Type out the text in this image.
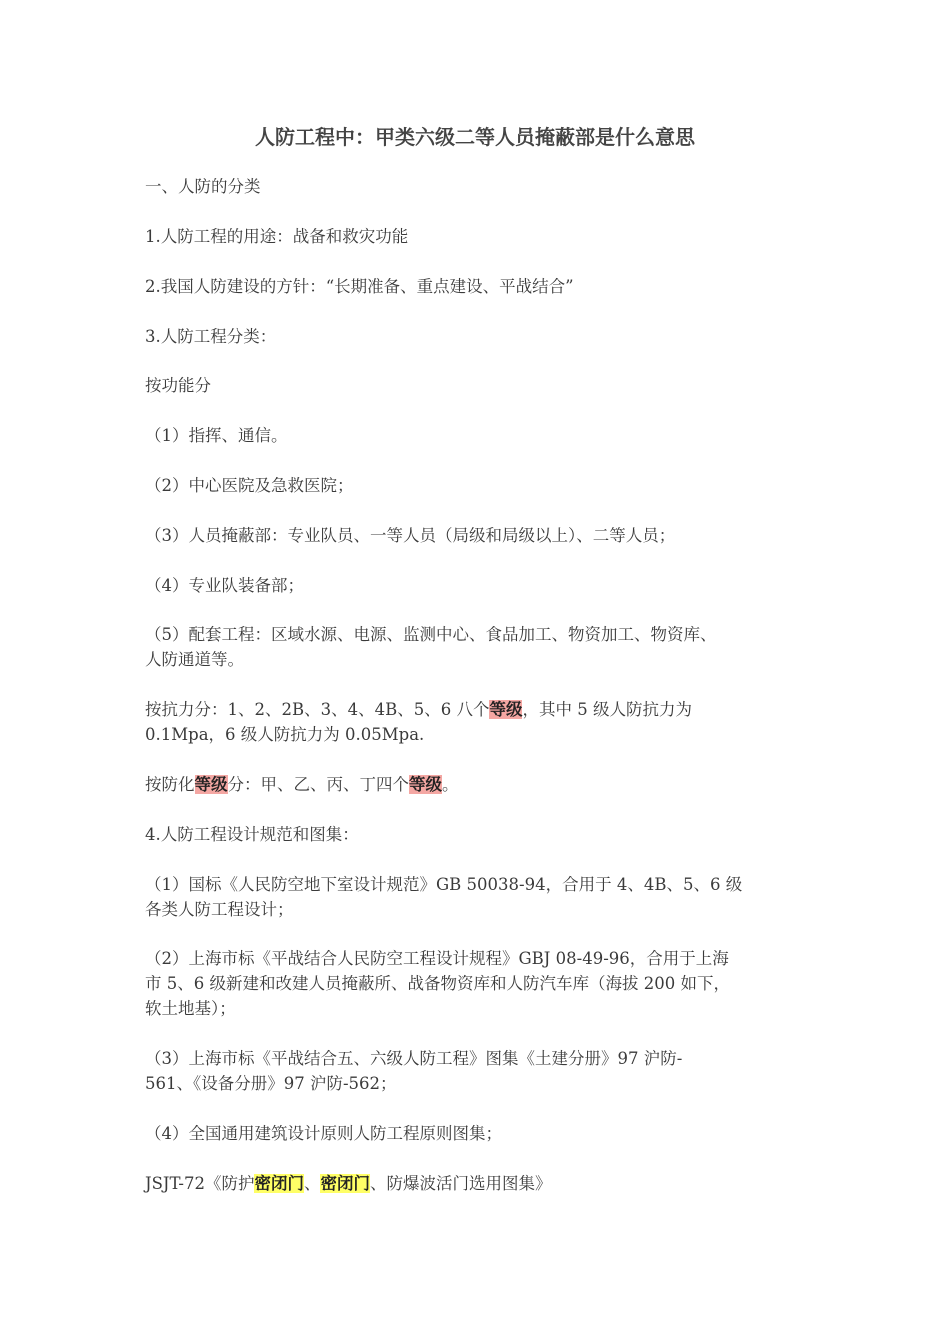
人防工程中：甲类六级二等人员掩蔽部是什么意思
一、人防的分类
1.人防工程的用途：战备和救灾功能
2.我国人防建设的方针：“长期准备、重点建设、平战结合”
3.人防工程分类：
按功能分
（1）指挥、通信。
（2）中心医院及急救医院；
（3）人员掩蔽部：专业队员、一等人员（局级和局级以上）、二等人员；
（4）专业队装备部；
（5）配套工程：区域水源、电源、监测中心、食品加工、物资加工、物资库、
人防通道等。
按抗力分：1、2、2B、3、4、4B、5、6 八个等级，其中 5 级人防抗力为
0.1Mpa，6 级人防抗力为 0.05Mpa.
按防化等级分：甲、乙、丙、丁四个等级。
4.人防工程设计规范和图集：
（1）国标《人民防空地下室设计规范》GB 50038-94，合用于 4、4B、5、6 级
各类人防工程设计；
（2）上海市标《平战结合人民防空工程设计规程》GBJ 08-49-96，合用于上海
市 5、6 级新建和改建人员掩蔽所、战备物资库和人防汽车库（海拔 200 如下，
软土地基）；
（3）上海市标《平战结合五、六级人防工程》图集《土建分册》97 沪防-
561、《设备分册》97 沪防-562；
（4）全国通用建筑设计原则人防工程原则图集；
JSJT-72《防护密闭门、密闭门、防爆波活门选用图集》
